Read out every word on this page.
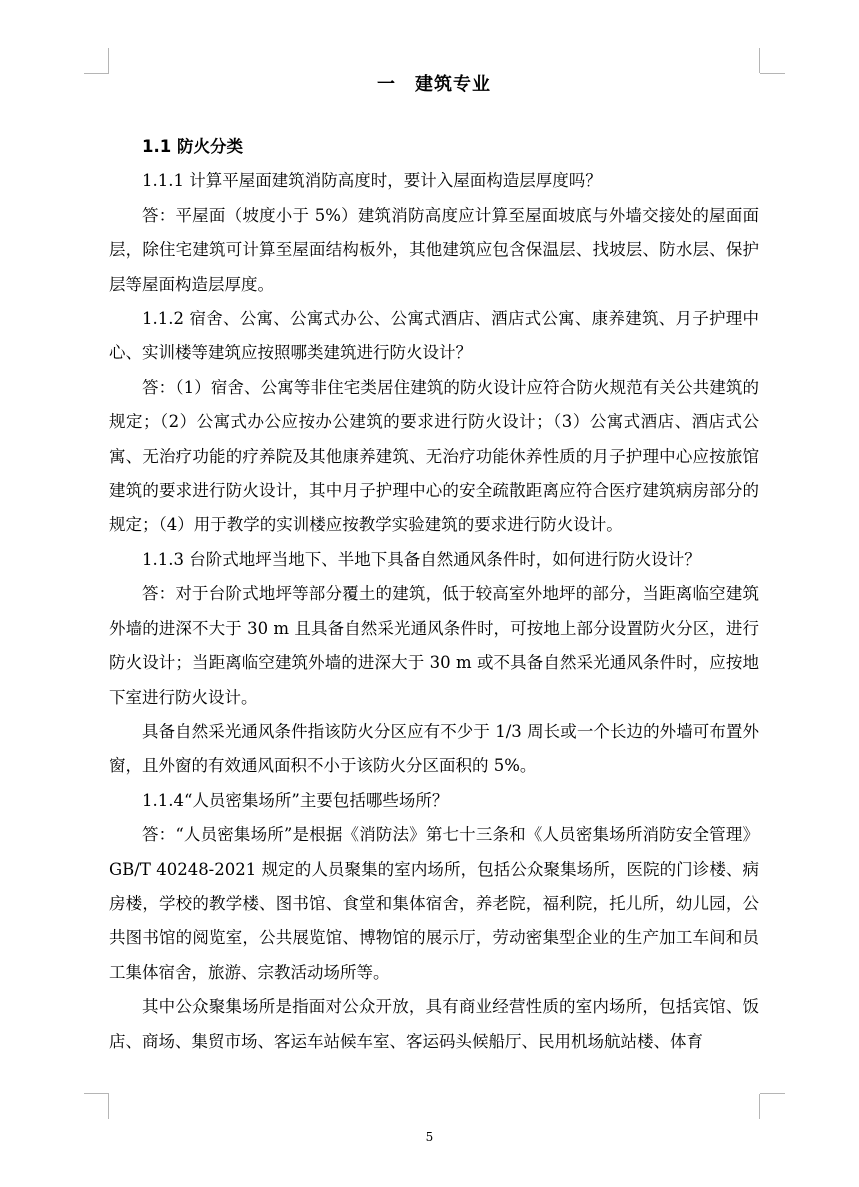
一　建筑专业

1.1 防火分类

1.1.1 计算平屋面建筑消防高度时，要计入屋面构造层厚度吗？

答：平屋面（坡度小于 5%）建筑消防高度应计算至屋面坡底与外墙交接处的屋面面层，除住宅建筑可计算至屋面结构板外，其他建筑应包含保温层、找坡层、防水层、保护层等屋面构造层厚度。

1.1.2 宿舍、公寓、公寓式办公、公寓式酒店、酒店式公寓、康养建筑、月子护理中心、实训楼等建筑应按照哪类建筑进行防火设计？

答：（1）宿舍、公寓等非住宅类居住建筑的防火设计应符合防火规范有关公共建筑的规定；（2）公寓式办公应按办公建筑的要求进行防火设计；（3）公寓式酒店、酒店式公寓、无治疗功能的疗养院及其他康养建筑、无治疗功能休养性质的月子护理中心应按旅馆建筑的要求进行防火设计，其中月子护理中心的安全疏散距离应符合医疗建筑病房部分的规定；（4）用于教学的实训楼应按教学实验建筑的要求进行防火设计。

1.1.3 台阶式地坪当地下、半地下具备自然通风条件时，如何进行防火设计？

答：对于台阶式地坪等部分覆土的建筑，低于较高室外地坪的部分，当距离临空建筑外墙的进深不大于 30 m 且具备自然采光通风条件时，可按地上部分设置防火分区，进行防火设计；当距离临空建筑外墙的进深大于 30 m 或不具备自然采光通风条件时，应按地下室进行防火设计。

具备自然采光通风条件指该防火分区应有不少于 1/3 周长或一个长边的外墙可布置外窗，且外窗的有效通风面积不小于该防火分区面积的 5%。

1.1.4“人员密集场所”主要包括哪些场所？

答：“人员密集场所”是根据《消防法》第七十三条和《人员密集场所消防安全管理》GB/T 40248-2021 规定的人员聚集的室内场所，包括公众聚集场所，医院的门诊楼、病房楼，学校的教学楼、图书馆、食堂和集体宿舍，养老院，福利院，托儿所，幼儿园，公共图书馆的阅览室，公共展览馆、博物馆的展示厅，劳动密集型企业的生产加工车间和员工集体宿舍，旅游、宗教活动场所等。

其中公众聚集场所是指面对公众开放，具有商业经营性质的室内场所，包括宾馆、饭店、商场、集贸市场、客运车站候车室、客运码头候船厅、民用机场航站楼、体育

5
